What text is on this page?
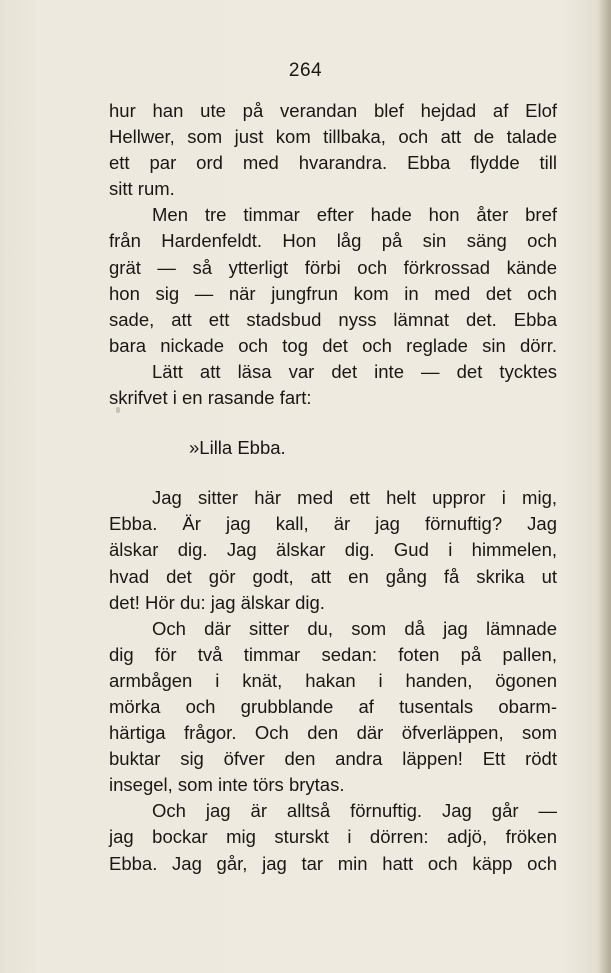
264
hur han ute på verandan blef hejdad af Elof
Hellwer, som just kom tillbaka, och att de talade
ett par ord med hvarandra. Ebba flydde till
sitt rum.
Men tre timmar efter hade hon åter bref
från Hardenfeldt. Hon låg på sin säng och
grät — så ytterligt förbi och förkrossad kände
hon sig — när jungfrun kom in med det och
sade, att ett stadsbud nyss lämnat det. Ebba
bara nickade och tog det och reglade sin dörr.
Lätt att läsa var det inte — det tycktes
skrifvet i en rasande fart:
»Lilla Ebba.
Jag sitter här med ett helt uppror i mig,
Ebba. Är jag kall, är jag förnuftig? Jag
älskar dig. Jag älskar dig. Gud i himmelen,
hvad det gör godt, att en gång få skrika ut
det! Hör du: jag älskar dig.
Och där sitter du, som då jag lämnade
dig för två timmar sedan: foten på pallen,
armbågen i knät, hakan i handen, ögonen
mörka och grubblande af tusentals obarm-
härtiga frågor. Och den där öfverläppen, som
buktar sig öfver den andra läppen! Ett rödt
insegel, som inte törs brytas.
Och jag är alltså förnuftig. Jag går —
jag bockar mig sturskt i dörren: adjö, fröken
Ebba. Jag går, jag tar min hatt och käpp och
